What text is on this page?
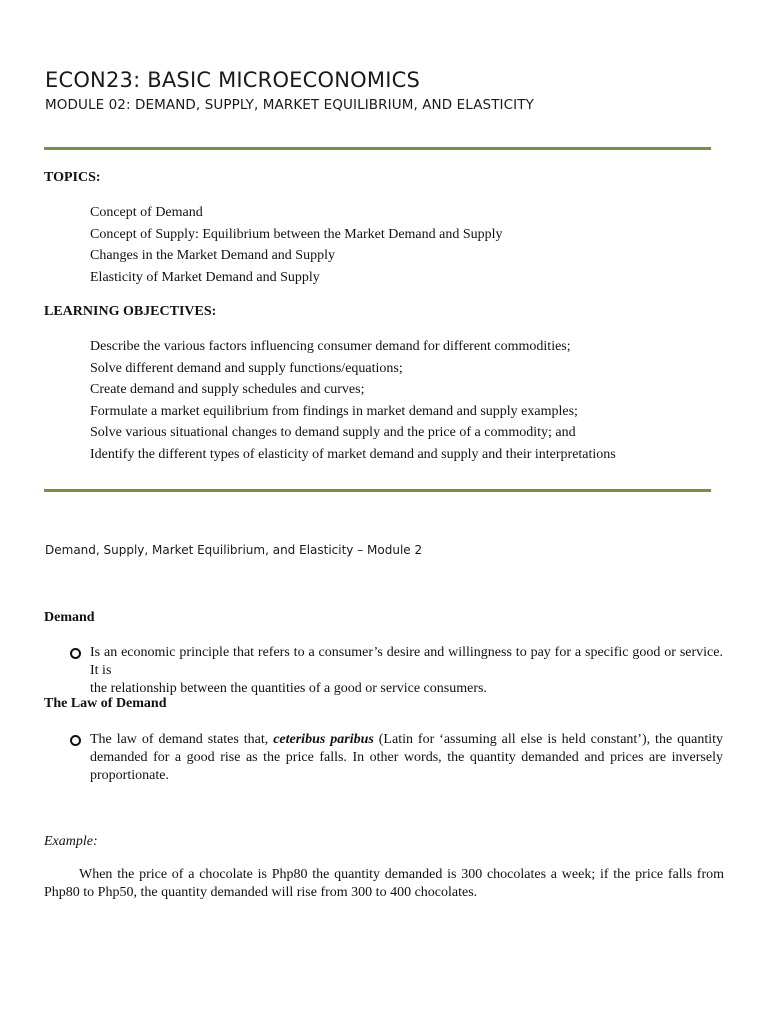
ECON23: BASIC MICROECONOMICS
MODULE 02: DEMAND, SUPPLY, MARKET EQUILIBRIUM, AND ELASTICITY
TOPICS:
Concept of Demand
Concept of Supply: Equilibrium between the Market Demand and Supply
Changes in the Market Demand and Supply
Elasticity of Market Demand and Supply
LEARNING OBJECTIVES:
Describe the various factors influencing consumer demand for different commodities;
Solve different demand and supply functions/equations;
Create demand and supply schedules and curves;
Formulate a market equilibrium from findings in market demand and supply examples;
Solve various situational changes to demand supply and the price of a commodity; and
Identify the different types of elasticity of market demand and supply and their interpretations
Demand, Supply, Market Equilibrium, and Elasticity – Module 2
Demand
Is an economic principle that refers to a consumer’s desire and willingness to pay for a specific good or service. It is
the relationship between the quantities of a good or service consumers.
The Law of Demand
The law of demand states that, ceteribus paribus (Latin for ‘assuming all else is held constant’), the quantity demanded for a good rise as the price falls. In other words, the quantity demanded and prices are inversely proportionate.
Example:
When the price of a chocolate is Php80 the quantity demanded is 300 chocolates a week; if the price falls from Php80 to Php50, the quantity demanded will rise from 300 to 400 chocolates.
